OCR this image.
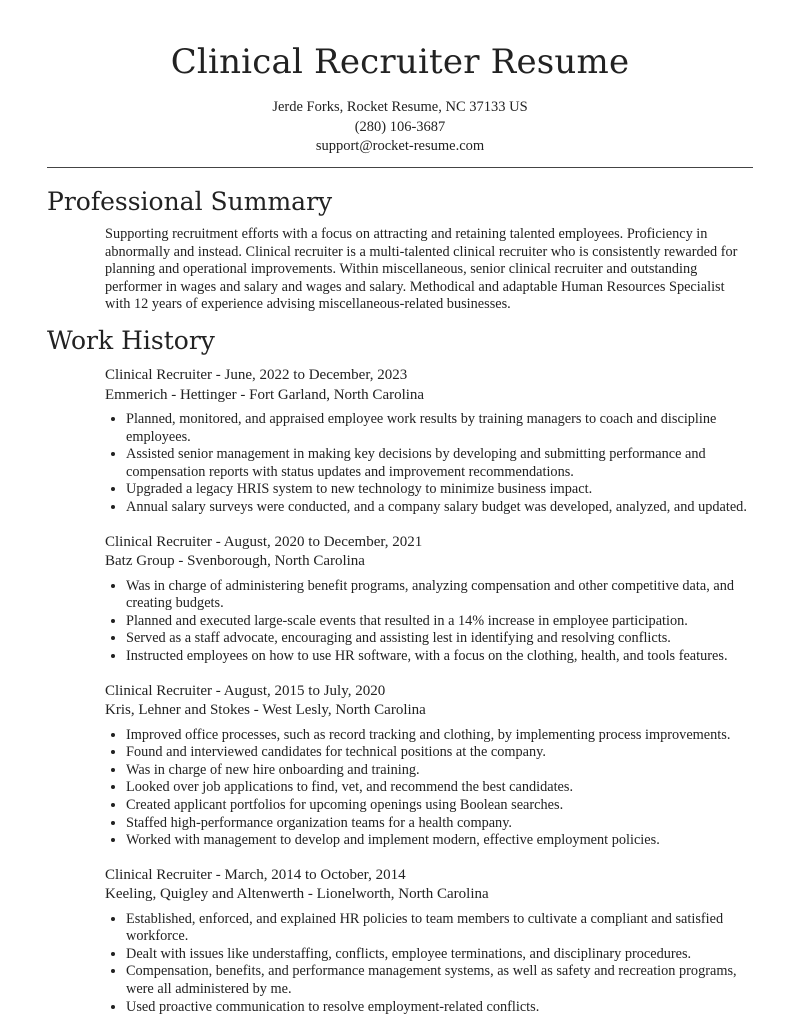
Clinical Recruiter Resume
Jerde Forks, Rocket Resume, NC 37133 US
(280) 106-3687
support@rocket-resume.com
Professional Summary
Supporting recruitment efforts with a focus on attracting and retaining talented employees. Proficiency in abnormally and instead. Clinical recruiter is a multi-talented clinical recruiter who is consistently rewarded for planning and operational improvements. Within miscellaneous, senior clinical recruiter and outstanding performer in wages and salary and wages and salary. Methodical and adaptable Human Resources Specialist with 12 years of experience advising miscellaneous-related businesses.
Work History
Clinical Recruiter - June, 2022 to December, 2023
Emmerich - Hettinger - Fort Garland, North Carolina
• Planned, monitored, and appraised employee work results by training managers to coach and discipline employees.
• Assisted senior management in making key decisions by developing and submitting performance and compensation reports with status updates and improvement recommendations.
• Upgraded a legacy HRIS system to new technology to minimize business impact.
• Annual salary surveys were conducted, and a company salary budget was developed, analyzed, and updated.
Clinical Recruiter - August, 2020 to December, 2021
Batz Group - Svenborough, North Carolina
• Was in charge of administering benefit programs, analyzing compensation and other competitive data, and creating budgets.
• Planned and executed large-scale events that resulted in a 14% increase in employee participation.
• Served as a staff advocate, encouraging and assisting lest in identifying and resolving conflicts.
• Instructed employees on how to use HR software, with a focus on the clothing, health, and tools features.
Clinical Recruiter - August, 2015 to July, 2020
Kris, Lehner and Stokes - West Lesly, North Carolina
• Improved office processes, such as record tracking and clothing, by implementing process improvements.
• Found and interviewed candidates for technical positions at the company.
• Was in charge of new hire onboarding and training.
• Looked over job applications to find, vet, and recommend the best candidates.
• Created applicant portfolios for upcoming openings using Boolean searches.
• Staffed high-performance organization teams for a health company.
• Worked with management to develop and implement modern, effective employment policies.
Clinical Recruiter - March, 2014 to October, 2014
Keeling, Quigley and Altenwerth - Lionelworth, North Carolina
• Established, enforced, and explained HR policies to team members to cultivate a compliant and satisfied workforce.
• Dealt with issues like understaffing, conflicts, employee terminations, and disciplinary procedures.
• Compensation, benefits, and performance management systems, as well as safety and recreation programs, were all administered by me.
• Used proactive communication to resolve employment-related conflicts.
